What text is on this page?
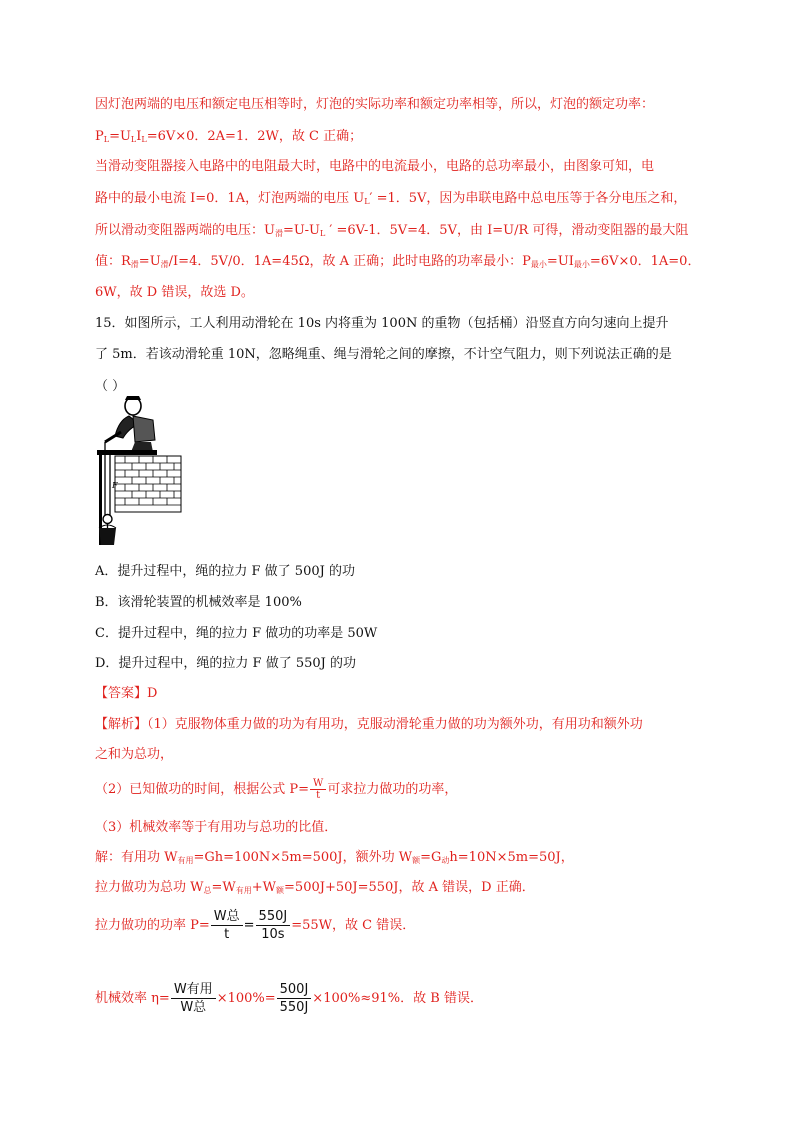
因灯泡两端的电压和额定电压相等时，灯泡的实际功率和额定功率相等，所以，灯泡的额定功率：
$P_L=U_LI_L=6V\times 0$．2A=1．2W，故 C 正确；
当滑动变阻器接入电路中的电阻最大时，电路中的电流最小，电路的总功率最小，由图象可知，电
路中的最小电流 I=0．1A，灯泡两端的电压 $U_L' =1$．5V，因为串联电路中总电压等于各分电压之和，
所以滑动变阻器两端的电压：$U_滑=U-U_L$ ′ =6V-1．5V=4．5V，由 I=U/R 可得，滑动变阻器的最大阻
值：$R_滑=U_滑/I=4$．5V/0．1A=45Ω，故 A 正确；此时电路的功率最小：$P_{最小}=UI_{最小}=6V\times 0$．1A=0．
6W，故 D 错误，故选 D。
15．如图所示，工人利用动滑轮在 10s 内将重为 100N 的重物（包括桶）沿竖直方向匀速向上提升
了 5m．若该动滑轮重 10N，忽略绳重、绳与滑轮之间的摩擦，不计空气阻力，则下列说法正确的是
（ ）
F
A．提升过程中，绳的拉力 F 做了 500J 的功
B．该滑轮装置的机械效率是 100%
C．提升过程中，绳的拉力 F 做功的功率是 50W
D．提升过程中，绳的拉力 F 做了 550J 的功
【答案】D
【解析】（1）克服物体重力做的功为有用功，克服动滑轮重力做的功为额外功，有用功和额外功
之和为总功，
（2）已知做功的时间，根据公式 $P= \frac{W}{t}$ 可求拉力做功的功率，
（3）机械效率等于有用功与总功的比值．
解：有用功 $W_{有用}=Gh=100N\times 5m=500J$，额外功 $W_额=G_动h=10N\times 5m=50J$，
拉力做功为总功 $W_总=W_{有用}+W_额=500J+50J=550J$，故 A 错误，D 正确．
拉力做功的功率 $P= \frac{\text{W总}}{t} = \frac{550J}{10s} =55W$，故 C 错误．
机械效率 $\eta= \frac{\text{W有用}}{\text{W总}} \times 100\%= \frac{500J}{550J} \times 100\%\approx 91\%$．故 B 错误．
